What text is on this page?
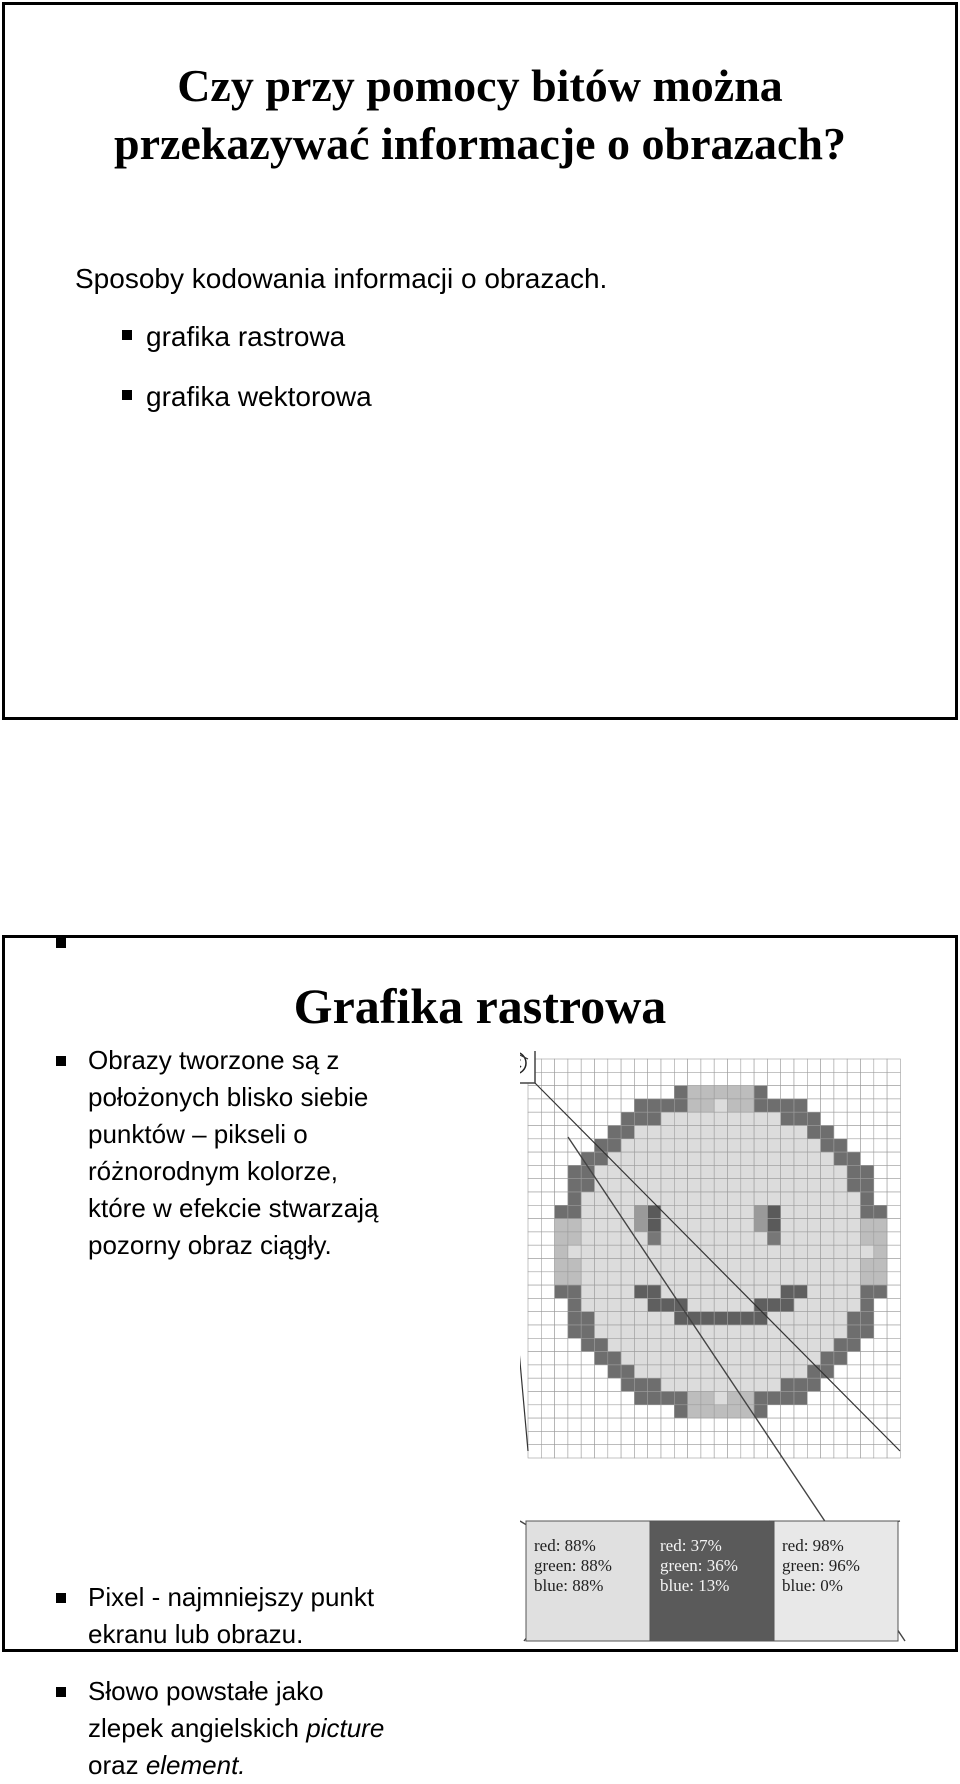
Czy przy pomocy bitów można
przekazywać informacje o obrazach?
Sposoby kodowania informacji o obrazach.
grafika rastrowa
grafika wektorowa
Grafika rastrowa
Obrazy tworzone są z
położonych blisko siebie
punktów – pikseli o
różnorodnym kolorze,
które w efekcie stwarzają
pozorny obraz ciągły.
Pixel - najmniejszy punkt
ekranu lub obrazu.
Słowo powstałe jako
zlepek angielskich picture
oraz element.
red: 88%
green: 88%
blue: 88%
red: 37%
green: 36%
blue: 13%
red: 98%
green: 96%
blue: 0%
